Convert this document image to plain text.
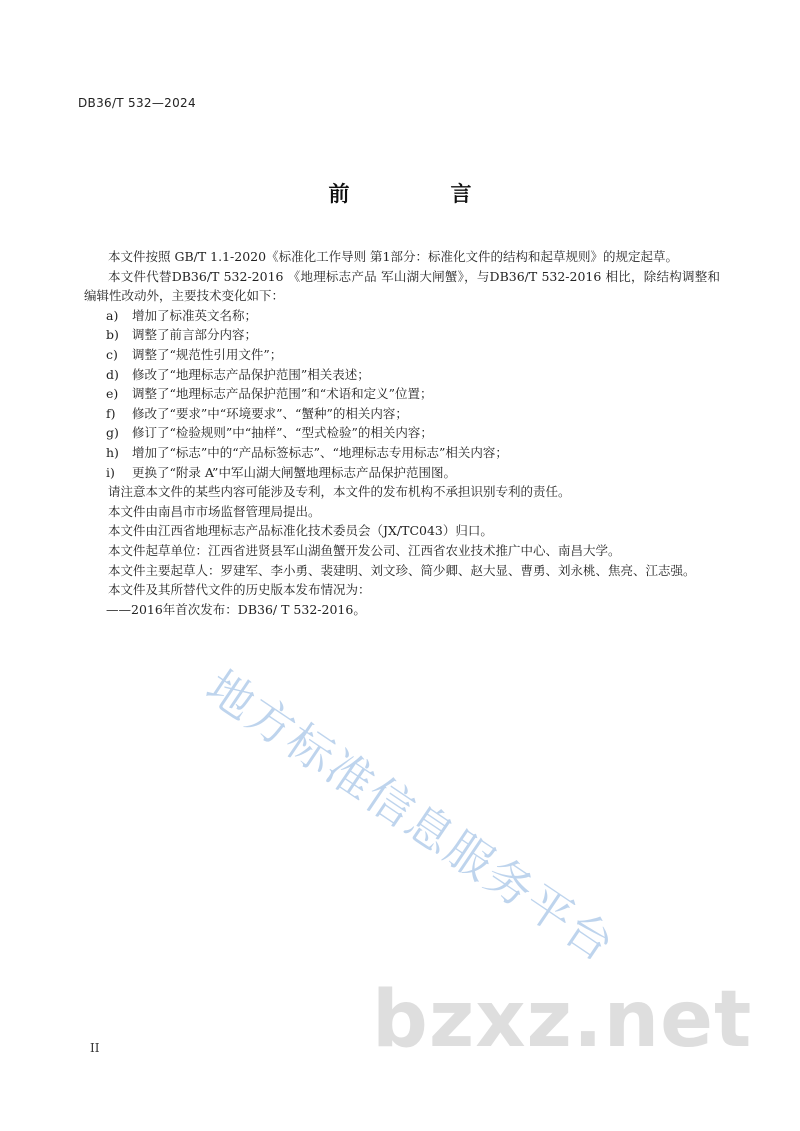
DB36/T 532—2024
前　言

本文件按照 GB/T 1.1-2020《标准化工作导则 第1部分：标准化文件的结构和起草规则》的规定起草。

本文件代替DB36/T 532-2016 《地理标志产品 军山湖大闸蟹》，与DB36/T 532-2016 相比，除结构调整和编辑性改动外，主要技术变化如下：

a)	增加了标准英文名称；

b)	调整了前言部分内容；

c)	调整了“规范性引用文件”；

d)	修改了“地理标志产品保护范围”相关表述；

e)	调整了“地理标志产品保护范围”和“术语和定义”位置；

f)	修改了“要求”中“环境要求”、“蟹种”的相关内容；

g)	修订了“检验规则”中“抽样”、“型式检验”的相关内容；

h)	增加了“标志”中的“产品标签标志”、“地理标志专用标志”相关内容；

i)	更换了“附录 A”中军山湖大闸蟹地理标志产品保护范围图。

请注意本文件的某些内容可能涉及专利，本文件的发布机构不承担识别专利的责任。

本文件由南昌市市场监督管理局提出。

本文件由江西省地理标志产品标准化技术委员会（JX/TC043）归口。

本文件起草单位：江西省进贤县军山湖鱼蟹开发公司、江西省农业技术推广中心、南昌大学。

本文件主要起草人：罗建军、李小勇、裴建明、刘文珍、简少卿、赵大显、曹勇、刘永桃、焦亮、江志强。

本文件及其所替代文件的历史版本发布情况为：

——2016年首次发布：DB36/ T 532-2016。

地方标准信息服务平台
bzxz.net
II
